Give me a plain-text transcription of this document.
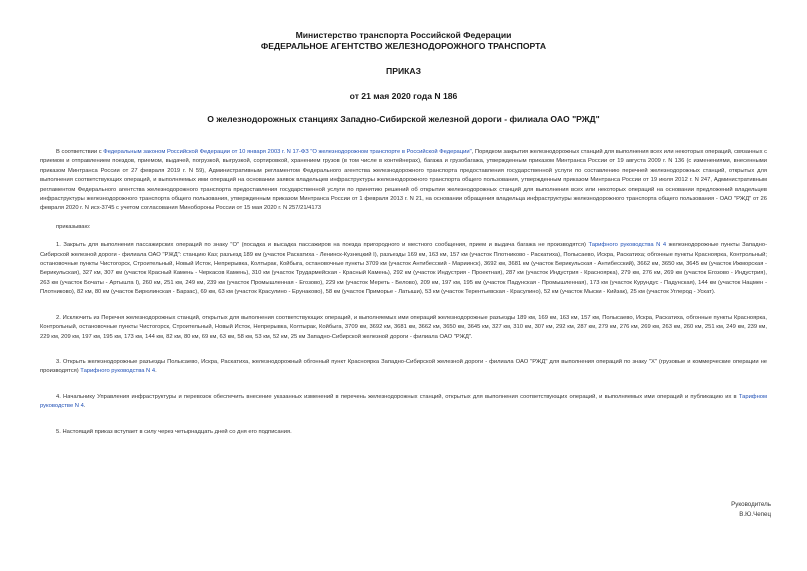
Министерство транспорта Российской Федерации
ФЕДЕРАЛЬНОЕ АГЕНТСТВО ЖЕЛЕЗНОДОРОЖНОГО ТРАНСПОРТА
ПРИКАЗ
от 21 мая 2020 года N 186
О железнодорожных станциях Западно-Сибирской железной дороги - филиала ОАО "РЖД"

В соответствии с Федеральным законом Российской Федерации от 10 января 2003 г. N 17-ФЗ "О железнодорожном транспорте в Российской Федерации", Порядком закрытия железнодорожных станций для выполнения всех или некоторых операций, связанных с приемом и отправлением поездов, приемом, выдачей, погрузкой, выгрузкой, сортировкой, хранением грузов (в том числе в контейнерах), багажа и грузобагажа, утвержденным приказом Минтранса России от 19 августа 2009 г. N 136 (с изменениями, внесенными приказом Минтранса России от 27 февраля 2019 г. N 59), Административным регламентом Федерального агентства железнодорожного транспорта предоставления государственной услуги по составлению перечней железнодорожных станций, открытых для выполнения соответствующих операций, и выполняемых ими операций на основании заявок владельцев инфраструктуры железнодорожного транспорта общего пользования, утвержденным приказом Минтранса России от 19 июля 2012 г. N 247, Административным регламентом Федерального агентства железнодорожного транспорта предоставления государственной услуги по принятию решений об открытии железнодорожных станций для выполнения всех или некоторых операций на основании предложений владельцев инфраструктуры железнодорожного транспорта общего пользования, утвержденным приказом Минтранса России от 1 февраля 2013 г. N 21, на основании обращения владельца инфраструктуры железнодорожного транспорта общего пользования - ОАО "РЖД" от 26 февраля 2020 г. N исх-3745 с учетом согласования Минобороны России от 15 мая 2020 г. N 257/21/4173

приказываю:

1. Закрыть для выполнения пассажирских операций по знаку "О" (посадка и высадка пассажиров на поезда пригородного и местного сообщения, прием и выдача багажа не производятся) Тарифного руководства N 4 железнодорожные пункты Западно-Сибирской железной дороги - филиала ОАО "РЖД": станцию Каз; разъезд 189 км (участок Раскатиха - Ленинск-Кузнецкий I), разъезды 169 км, 163 км, 157 км (участок Плотниково - Раскатиха), Полысаево, Искра, Раскатиха; обгонные пункты Красноярка, Контрольный; остановочные пункты Чистогорск, Строительный, Новый Исток, Непрерывка, Колтырак, Койбыга, остановочные пункты 3709 км (участок Антибесский - Мариинск), 3692 км, 3681 км (участок Берикульская - Антибесский), 3662 км, 3650 км, 3645 км (участок Ижморская - Берикульская), 327 км, 307 км (участок Красный Камень - Черкасов Камень), 310 км (участок Трудармейская - Красный Камень), 292 км (участок Индустрия - Проектная), 287 км (участок Индустрия - Красноярка), 279 км, 276 км, 269 км (участок Егозово - Индустрия), 263 км (участок Бочаты - Артышта I), 260 км, 251 км, 249 км, 239 км (участок Промышленная - Егозово), 229 км (участок Мереть - Белово), 209 км, 197 км, 195 км (участок Падунская - Промышленная), 173 км (участок Курундус - Падунская), 144 км (участок Нацмен - Плотниково), 82 км, 80 км (участок Бирюлинская - Барзас), 69 км, 63 км (участок Красулино - Ерунаково), 58 км (участок Приморье - Латыши), 53 км (участок Терентьевская - Красулино), 52 км (участок Мыски - Кийзак), 25 км (участок Углерод - Ускат).

2. Исключить из Перечня железнодорожных станций, открытых для выполнения соответствующих операций, и выполняемых ими операций железнодорожные разъезды 189 км, 169 км, 163 км, 157 км, Полысаево, Искра, Раскатиха, обгонные пункты Красноярка, Контрольный, остановочные пункты Чистогорск, Строительный, Новый Исток, Непрерывка, Колтырак, Койбыга, 3709 км, 3692 км, 3681 км, 3662 км, 3650 км, 3645 км, 327 км, 310 км, 307 км, 292 км, 287 км, 279 км, 276 км, 269 км, 263 км, 260 км, 251 км, 249 км, 239 км, 229 км, 209 км, 197 км, 195 км, 173 км, 144 км, 82 км, 80 км, 69 км, 63 км, 58 км, 53 км, 52 км, 25 км Западно-Сибирской железной дороги - филиала ОАО "РЖД".

3. Открыть железнодорожные разъезды Полысаево, Искра, Раскатиха, железнодорожный обгонный пункт Красноярка Западно-Сибирской железной дороги - филиала ОАО "РЖД" для выполнения операций по знаку "Х" (грузовые и коммерческие операции не производятся) Тарифного руководства N 4.

4. Начальнику Управления инфраструктуры и перевозок обеспечить внесение указанных изменений в перечень железнодорожных станций, открытых для выполнения соответствующих операций, и выполняемых ими операций и публикацию их в Тарифном руководстве N 4.

5. Настоящий приказ вступает в силу через четырнадцать дней со дня его подписания.

Руководитель
В.Ю.Чепец
